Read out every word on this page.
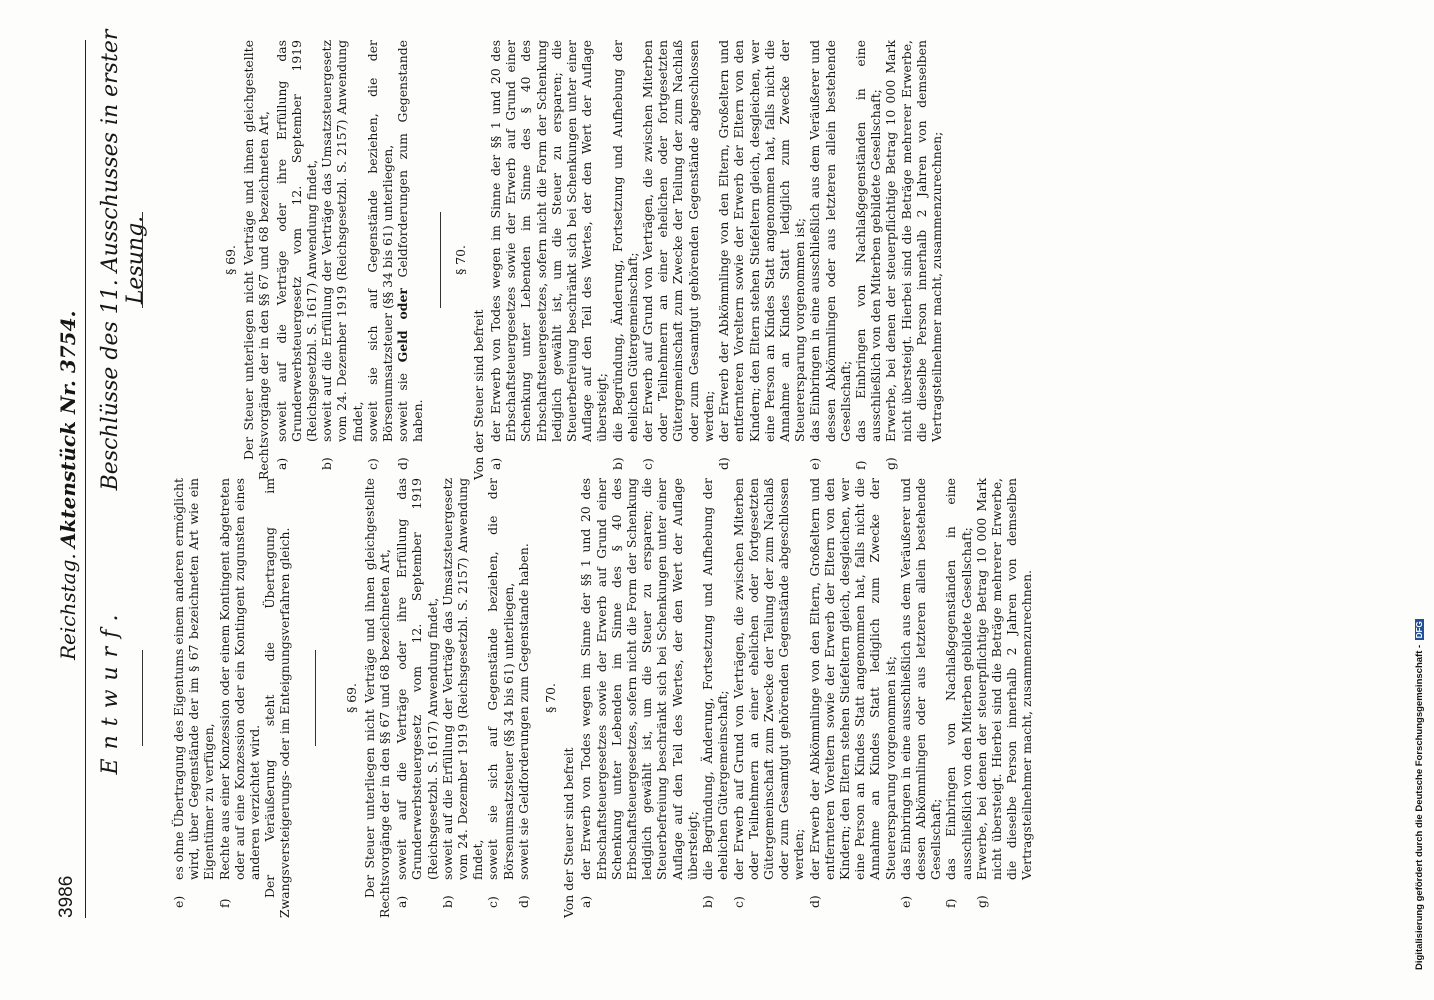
3986
Reichstag.
Aktenstück Nr. 3754.
Entwurf.
Beschlüsse des 11. Ausschusses in erster Lesung.

e)
es ohne Übertragung des Eigentums einem anderen ermöglicht wird, über Gegenstände der im § 67 bezeichneten Art wie ein Eigentümer zu verfügen,

f)
Rechte aus einer Konzession oder einem Kontingent abgetreten oder auf eine Konzession oder ein Kontingent zugunsten eines anderen verzichtet wird. Der Veräußerung steht die Übertragung im Zwangsversteigerungs- oder im Enteignungsverfahren gleich.	§ 69. Der Steuer unterliegen nicht Verträge und ihnen gleichgestellte Rechtsvorgänge der in den §§ 67 und 68 bezeichneten Art, a)
soweit auf die Verträge oder ihre Erfüllung das Grunderwerbsteuergesetz vom 12. September 1919 (Reichsgesetzbl. S. 1617) Anwendung findet,

b)
soweit auf die Erfüllung der Verträge das Umsatzsteuergesetz vom 24. Dezember 1919 (Reichsgesetzbl. S. 2157) Anwendung findet,

c)
soweit sie sich auf Gegenstände beziehen, die der Börsenumsatzsteuer (§§ 34 bis 61) unterliegen,

d)
soweit sie Geldforderungen zum Gegenstande haben. § 70.

Von der Steuer sind befreit a)
der Erwerb von Todes wegen im Sinne der §§ 1 und 20 des Erbschaftsteuergesetzes sowie der Erwerb auf Grund einer Schenkung unter Lebenden im Sinne des § 40 des Erbschaftsteuergesetzes, sofern nicht die Form der Schenkung lediglich gewählt ist, um die Steuer zu ersparen; die Steuerbefreiung beschränkt sich bei Schenkungen unter einer Auflage auf den Teil des Wertes, der den Wert der Auflage übersteigt;

b)
die Begründung, Änderung, Fortsetzung und Aufhebung der ehelichen Gütergemeinschaft;

c)
der Erwerb auf Grund von Verträgen, die zwischen Miterben oder Teilnehmern an einer ehelichen oder fortgesetzten Gütergemeinschaft zum Zwecke der Teilung der zum Nachlaß oder zum Gesamtgut gehörenden Gegenstände abgeschlossen werden;

d)
der Erwerb der Abkömmlinge von den Eltern, Großeltern und entfernteren Voreltern sowie der Erwerb der Eltern von den Kindern; den Eltern stehen Stiefeltern gleich, desgleichen, wer eine Person an Kindes Statt angenommen hat, falls nicht die Annahme an Kindes Statt lediglich zum Zwecke der Steuerersparung vorgenommen ist;

e)
das Einbringen in eine ausschließlich aus dem Veräußerer und dessen Abkömmlingen oder aus letzteren allein bestehende Gesellschaft;

f)
das Einbringen von Nachlaßgegenständen in eine ausschließlich von den Miterben gebildete Gesellschaft;

g)
Erwerbe, bei denen der steuerpflichtige Betrag 10 000 Mark nicht übersteigt. Hierbei sind die Beträge mehrerer Erwerbe, die dieselbe Person innerhalb 2 Jahren von demselben Vertragsteilnehmer macht, zusammenzurechnen.

§ 69. Der Steuer unterliegen nicht Verträge und ihnen gleichgestellte Rechtsvorgänge der in den §§ 67 und 68 bezeichneten Art, a)
soweit auf die Verträge oder ihre Erfüllung das Grunderwerbsteuergesetz vom 12. September 1919 (Reichsgesetzbl. S. 1617) Anwendung findet,

b)
soweit auf die Erfüllung der Verträge das Umsatzsteuergesetz vom 24. Dezember 1919 (Reichsgesetzbl. S. 2157) Anwendung findet,

c)
soweit sie sich auf Gegenstände beziehen, die der Börsenumsatzsteuer (§§ 34 bis 61) unterliegen,

d)
soweit sie Geld oder Geldforderungen zum Gegenstande haben.

§ 70.

Von der Steuer sind befreit a)
der Erwerb von Todes wegen im Sinne der §§ 1 und 20 des Erbschaftsteuergesetzes sowie der Erwerb auf Grund einer Schenkung unter Lebenden im Sinne des § 40 des Erbschaftsteuergesetzes, sofern nicht die Form der Schenkung lediglich gewählt ist, um die Steuer zu ersparen; die Steuerbefreiung beschränkt sich bei Schenkungen unter einer Auflage auf den Teil des Wertes, der den Wert der Auflage übersteigt;

b)
die Begründung, Änderung, Fortsetzung und Aufhebung der ehelichen Gütergemeinschaft;

c)
der Erwerb auf Grund von Verträgen, die zwischen Miterben oder Teilnehmern an einer ehelichen oder fortgesetzten Gütergemeinschaft zum Zwecke der Teilung der zum Nachlaß oder zum Gesamtgut gehörenden Gegenstände abgeschlossen werden;

d)
der Erwerb der Abkömmlinge von den Eltern, Großeltern und entfernteren Voreltern sowie der Erwerb der Eltern von den Kindern; den Eltern stehen Stiefeltern gleich, desgleichen, wer eine Person an Kindes Statt angenommen hat, falls nicht die Annahme an Kindes Statt lediglich zum Zwecke der Steuerersparung vorgenommen ist;

e)
das Einbringen in eine ausschließlich aus dem Veräußerer und dessen Abkömmlingen oder aus letzteren allein bestehende Gesellschaft;

f)
das Einbringen von Nachlaßgegenständen in eine ausschließlich von den Miterben gebildete Gesellschaft;

g)
Erwerbe, bei denen der steuerpflichtige Betrag 10 000 Mark nicht übersteigt. Hierbei sind die Beträge mehrerer Erwerbe, die dieselbe Person innerhalb 2 Jahren von demselben Vertragsteilnehmer macht, zusammenzurechnen;

Digitalisierung gefördert durch die Deutsche Forschungsgemeinschaft - DFG
